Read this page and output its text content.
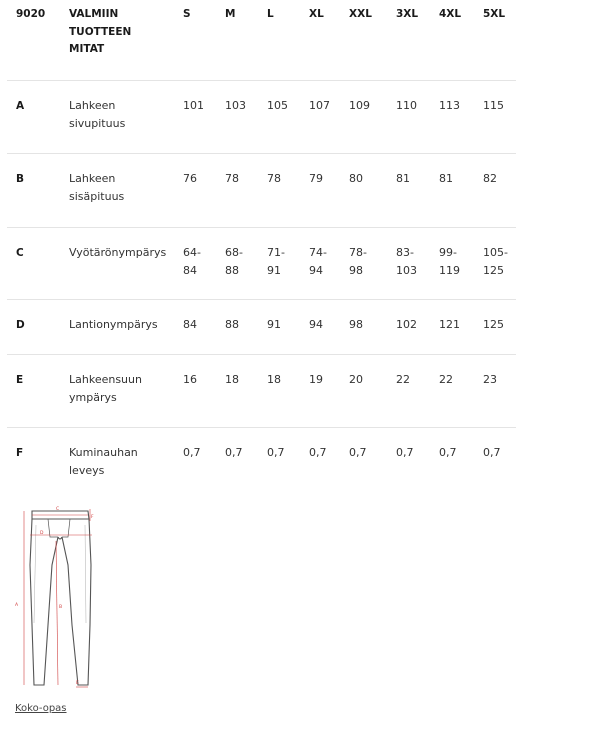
9020	VALMIIN TUOTTEEN MITAT	S	M	L	XL	XXL	3XL	4XL	5XL

A	Lahkeen sivupituus	101	103	105	107	109	110	113	115

B	Lahkeen sisäpituus	76	78	78	79	80	81	81	82

C	Vyötärönympärys	64-84	68-88	71-91	74-94	78-98	83-103	99-119	105-125

D	Lantionympärys	84	88	91	94	98	102	121	125

E	Lahkeensuun ympärys	16	18	18	19	20	22	22	23

F	Kuminauhan leveys	0,7	0,7	0,7	0,7	0,7	0,7	0,7	0,7
C
F
D
A	B
E
Koko-opas
